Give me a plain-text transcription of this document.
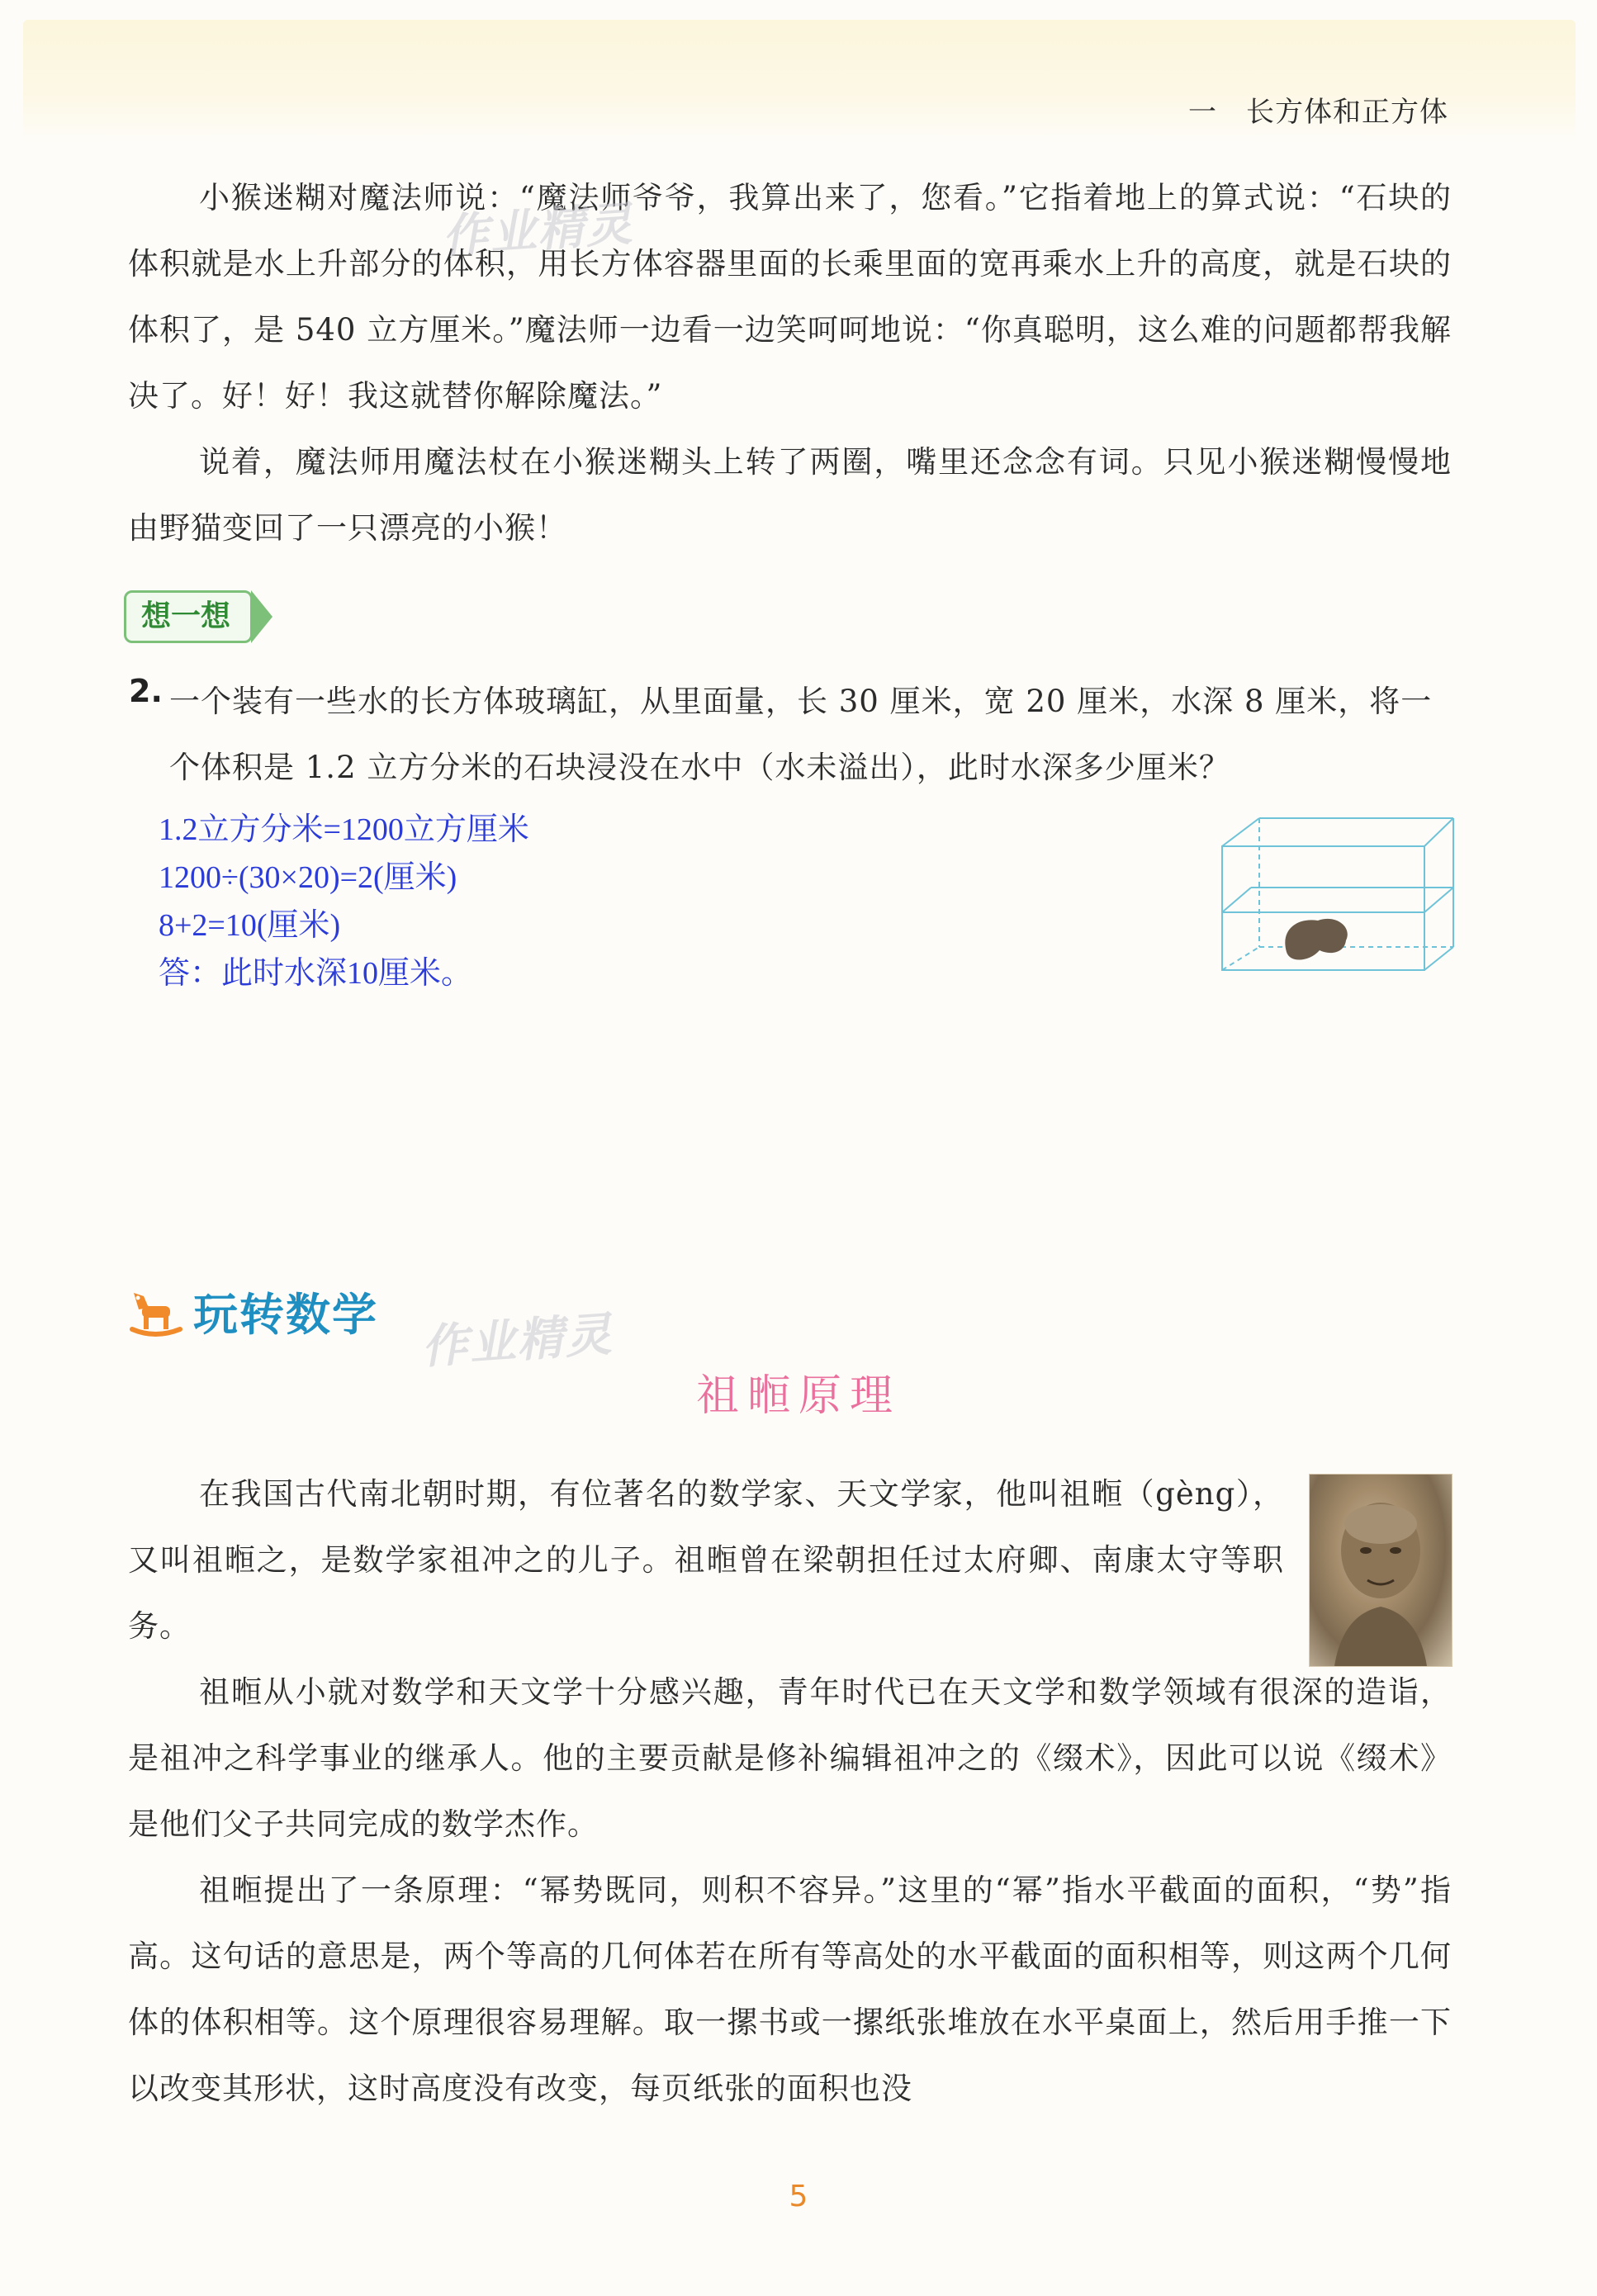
一　长方体和正方体
小猴迷糊对魔法师说：“魔法师爷爷，我算出来了，您看。”它指着地上的算式说：“石块的体积就是水上升部分的体积，用长方体容器里面的长乘里面的宽再乘水上升的高度，就是石块的体积了，是 540 立方厘米。”魔法师一边看一边笑呵呵地说：“你真聪明，这么难的问题都帮我解决了。好！好！我这就替你解除魔法。”
作业精灵
说着，魔法师用魔法杖在小猴迷糊头上转了两圈，嘴里还念念有词。只见小猴迷糊慢慢地由野猫变回了一只漂亮的小猴！
想一想
2. 一个装有一些水的长方体玻璃缸，从里面量，长 30 厘米，宽 20 厘米，水深 8 厘米，将一个体积是 1.2 立方分米的石块浸没在水中（水未溢出），此时水深多少厘米？
1.2立方分米=1200立方厘米
1200÷(30×20)=2(厘米)
8+2=10(厘米)
答：此时水深10厘米。
玩转数学 作业精灵
祖暅原理
在我国古代南北朝时期，有位著名的数学家、天文学家，他叫祖暅（gèng），又叫祖暅之，是数学家祖冲之的儿子。祖暅曾在梁朝担任过太府卿、南康太守等职务。
祖暅从小就对数学和天文学十分感兴趣，青年时代已在天文学和数学领域有很深的造诣，是祖冲之科学事业的继承人。他的主要贡献是修补编辑祖冲之的《缀术》，因此可以说《缀术》是他们父子共同完成的数学杰作。
祖暅提出了一条原理：“幂势既同，则积不容异。”这里的“幂”指水平截面的面积，“势”指高。这句话的意思是，两个等高的几何体若在所有等高处的水平截面的面积相等，则这两个几何体的体积相等。这个原理很容易理解。取一摞书或一摞纸张堆放在水平桌面上，然后用手推一下以改变其形状，这时高度没有改变，每页纸张的面积也没
5
